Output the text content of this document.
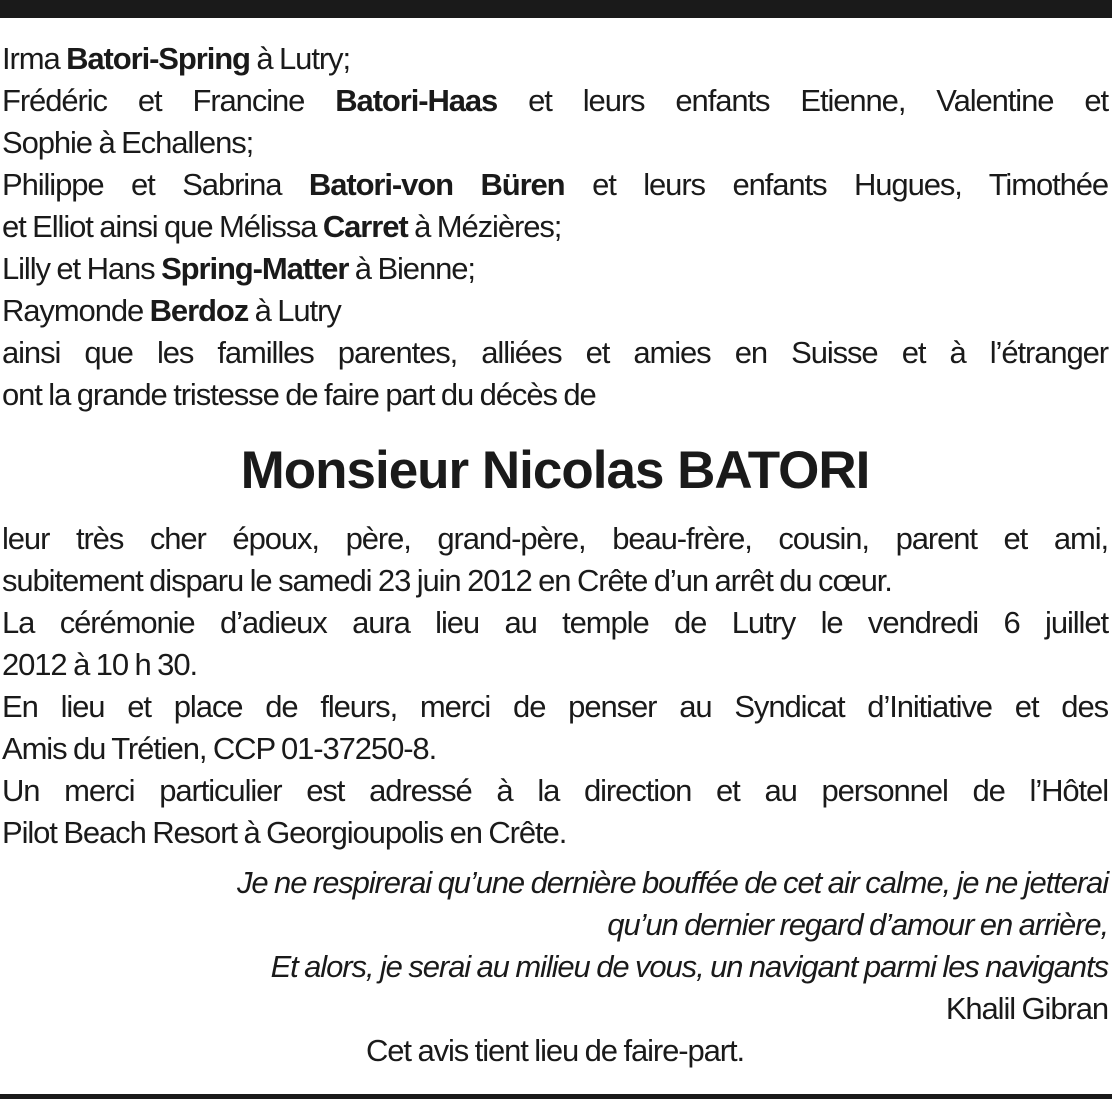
Irma Batori-Spring à Lutry;
Frédéric et Francine Batori-Haas et leurs enfants Etienne, Valentine et
Sophie à Echallens;
Philippe et Sabrina Batori-von Büren et leurs enfants Hugues, Timothée
et Elliot ainsi que Mélissa Carret à Mézières;
Lilly et Hans Spring-Matter à Bienne;
Raymonde Berdoz à Lutry
ainsi que les familles parentes, alliées et amies en Suisse et à l’étranger
ont la grande tristesse de faire part du décès de
Monsieur Nicolas BATORI
leur très cher époux, père, grand-père, beau-frère, cousin, parent et ami,
subitement disparu le samedi 23 juin 2012 en Crête d’un arrêt du cœur.
La cérémonie d’adieux aura lieu au temple de Lutry le vendredi 6 juillet
2012 à 10 h 30.
En lieu et place de fleurs, merci de penser au Syndicat d’Initiative et des
Amis du Trétien, CCP 01-37250-8.
Un merci particulier est adressé à la direction et au personnel de l’Hôtel
Pilot Beach Resort à Georgioupolis en Crête.
Je ne respirerai qu’une dernière bouffée de cet air calme, je ne jetterai
qu’un dernier regard d’amour en arrière,
Et alors, je serai au milieu de vous, un navigant parmi les navigants
Khalil Gibran
Cet avis tient lieu de faire-part.
